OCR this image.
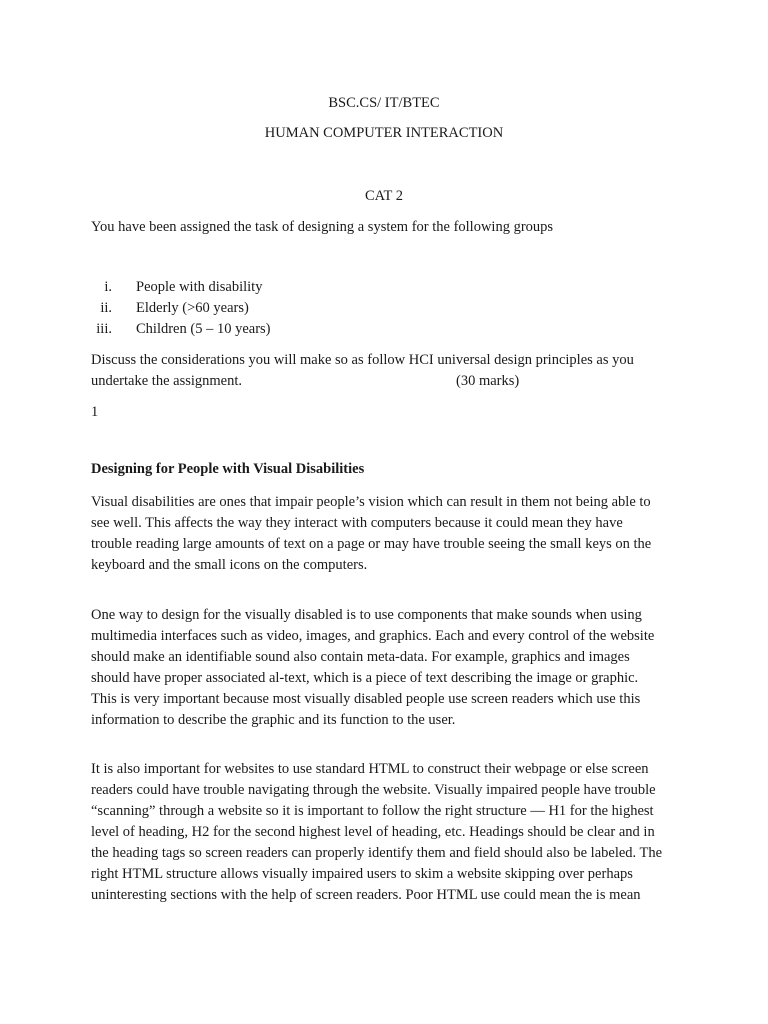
BSC.CS/ IT/BTEC
HUMAN COMPUTER INTERACTION
CAT 2
You have been assigned the task of designing a system for the following groups
i. People with disability
ii. Elderly (>60 years)
iii. Children (5 – 10 years)

Discuss the considerations you will make so as follow HCI universal design principles as you

undertake the assignment.	(30 marks)

1
Designing for People with Visual Disabilities

Visual disabilities are ones that impair people’s vision which can result in them not being able to

see well. This affects the way they interact with computers because it could mean they have

trouble reading large amounts of text on a page or may have trouble seeing the small keys on the

keyboard and the small icons on the computers.

One way to design for the visually disabled is to use components that make sounds when using

multimedia interfaces such as video, images, and graphics. Each and every control of the website

should make an identifiable sound also contain meta-data. For example, graphics and images

should have proper associated al-text, which is a piece of text describing the image or graphic.

This is very important because most visually disabled people use screen readers which use this

information to describe the graphic and its function to the user.

It is also important for websites to use standard HTML to construct their webpage or else screen

readers could have trouble navigating through the website. Visually impaired people have trouble

“scanning” through a website so it is important to follow the right structure — H1 for the highest

level of heading, H2 for the second highest level of heading, etc. Headings should be clear and in

the heading tags so screen readers can properly identify them and field should also be labeled. The

right HTML structure allows visually impaired users to skim a website skipping over perhaps

uninteresting sections with the help of screen readers. Poor HTML use could mean the is mean
